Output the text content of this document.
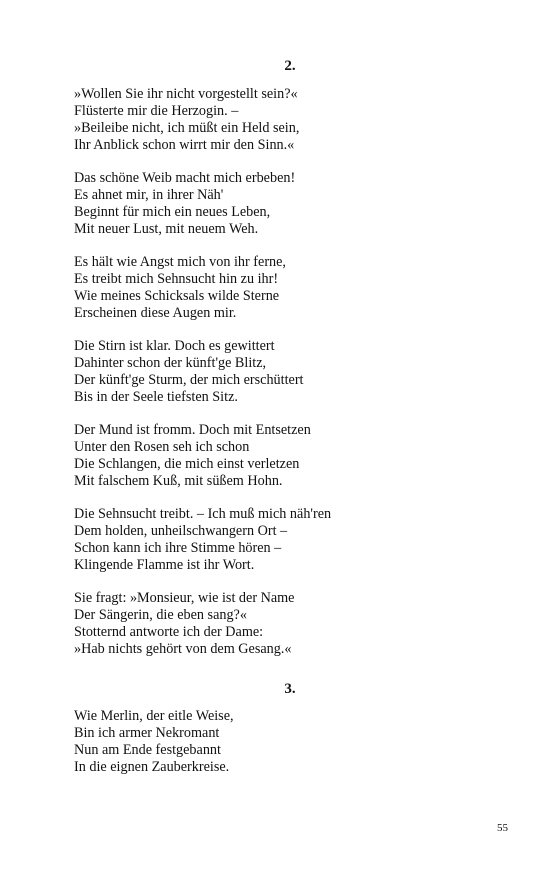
2.

»Wollen Sie ihr nicht vorgestellt sein?«
Flüsterte mir die Herzogin. –
»Beileibe nicht, ich müßt ein Held sein,
Ihr Anblick schon wirrt mir den Sinn.«

Das schöne Weib macht mich erbeben!
Es ahnet mir, in ihrer Näh'
Beginnt für mich ein neues Leben,
Mit neuer Lust, mit neuem Weh.

Es hält wie Angst mich von ihr ferne,
Es treibt mich Sehnsucht hin zu ihr!
Wie meines Schicksals wilde Sterne
Erscheinen diese Augen mir.

Die Stirn ist klar. Doch es gewittert
Dahinter schon der künft'ge Blitz,
Der künft'ge Sturm, der mich erschüttert
Bis in der Seele tiefsten Sitz.

Der Mund ist fromm. Doch mit Entsetzen
Unter den Rosen seh ich schon
Die Schlangen, die mich einst verletzen
Mit falschem Kuß, mit süßem Hohn.

Die Sehnsucht treibt. – Ich muß mich näh'ren
Dem holden, unheilschwangern Ort –
Schon kann ich ihre Stimme hören –
Klingende Flamme ist ihr Wort.

Sie fragt: »Monsieur, wie ist der Name
Der Sängerin, die eben sang?«
Stotternd antworte ich der Dame:
»Hab nichts gehört von dem Gesang.«

3.

Wie Merlin, der eitle Weise,
Bin ich armer Nekromant
Nun am Ende festgebannt
In die eignen Zauberkreise.

55
